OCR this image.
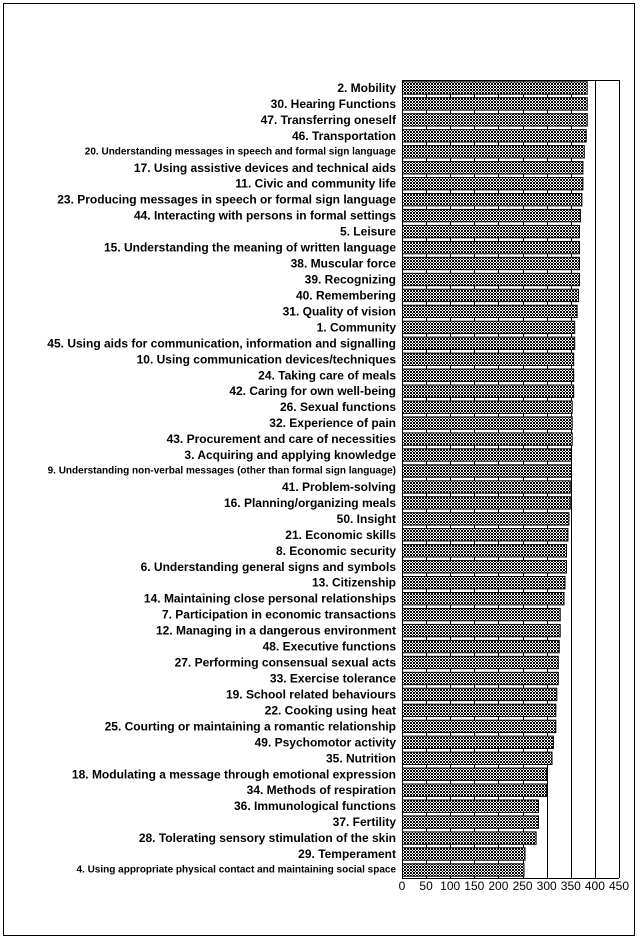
2. Mobility
30. Hearing Functions
47. Transferring oneself
46. Transportation
20. Understanding messages in speech and formal sign language
17. Using assistive devices and technical aids
11. Civic and community life
23. Producing messages in speech or formal sign language
44. Interacting with persons in formal settings
5. Leisure
15. Understanding the meaning of written language
38. Muscular force
39. Recognizing
40. Remembering
31. Quality of vision
1. Community
45. Using aids for communication, information and signalling
10. Using communication devices/techniques
24. Taking care of meals
42. Caring for own well-being
26. Sexual functions
32. Experience of pain
43. Procurement and care of necessities
3. Acquiring and applying knowledge
9. Understanding non-verbal messages (other than formal sign language)
41. Problem-solving
16. Planning/organizing meals
50. Insight
21. Economic skills
8. Economic security
6. Understanding general signs and symbols
13. Citizenship
14. Maintaining close personal relationships
7. Participation in economic transactions
12. Managing in a dangerous environment
48. Executive functions
27. Performing consensual sexual acts
33. Exercise tolerance
19. School related behaviours
22. Cooking using heat
25. Courting or maintaining a romantic relationship
49. Psychomotor activity
35. Nutrition
18. Modulating a message through emotional expression
34. Methods of respiration
36. Immunological functions
37. Fertility
28. Tolerating sensory stimulation of the skin
29. Temperament
4. Using appropriate physical contact and maintaining social space
0 50 100 150 200 250 300 350 400 450
